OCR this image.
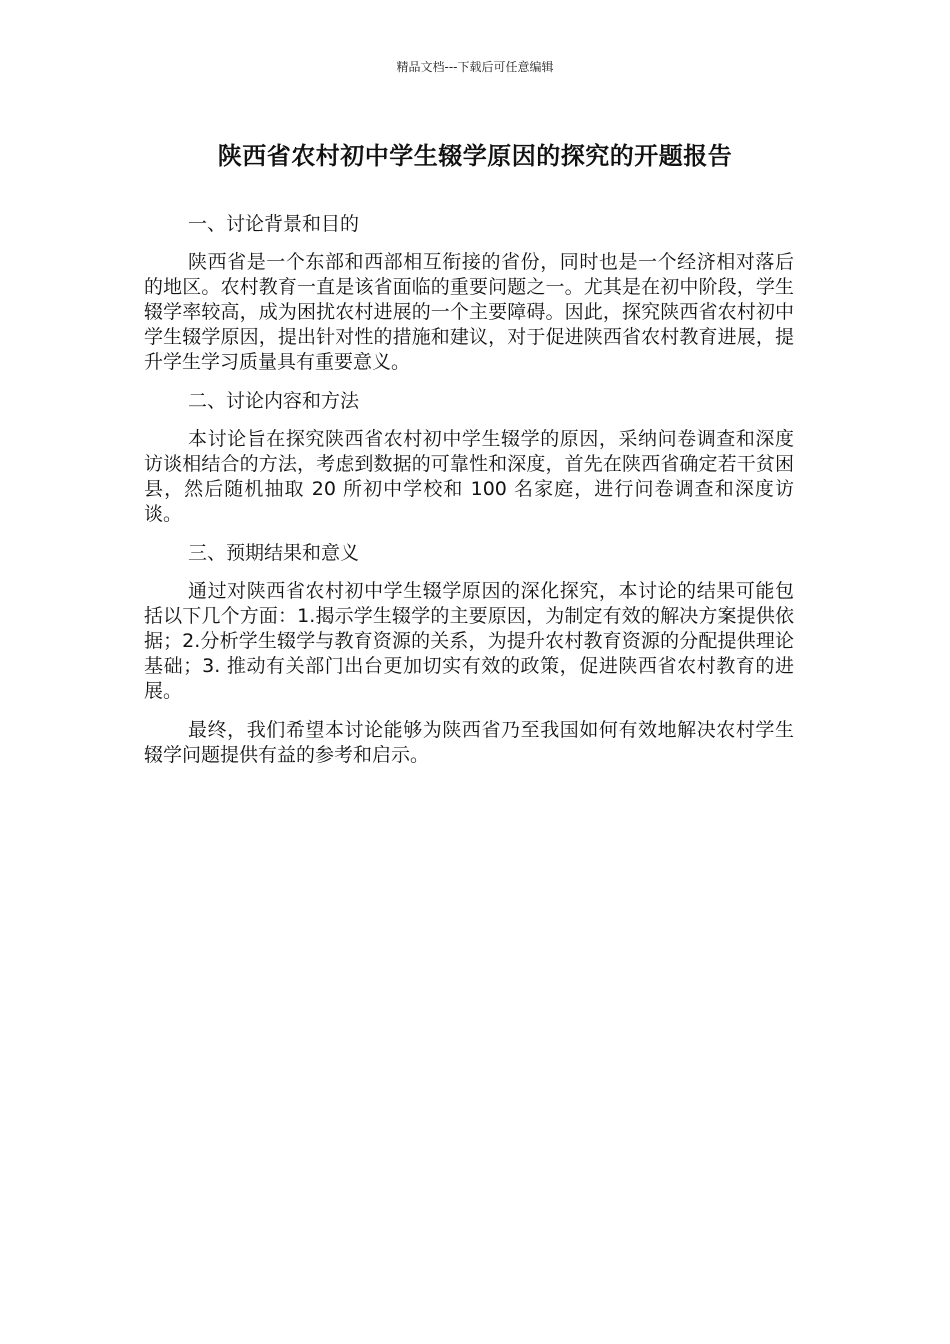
精品文档---下载后可任意编辑
陕西省农村初中学生辍学原因的探究的开题报告
一、讨论背景和目的

陕西省是一个东部和西部相互衔接的省份，同时也是一个经济相对落后的地区。农村教育一直是该省面临的重要问题之一。尤其是在初中阶段，学生辍学率较高，成为困扰农村进展的一个主要障碍。因此，探究陕西省农村初中学生辍学原因，提出针对性的措施和建议，对于促进陕西省农村教育进展，提升学生学习质量具有重要意义。

二、讨论内容和方法

本讨论旨在探究陕西省农村初中学生辍学的原因，采纳问卷调查和深度访谈相结合的方法，考虑到数据的可靠性和深度，首先在陕西省确定若干贫困县，然后随机抽取 20 所初中学校和 100 名家庭，进行问卷调查和深度访谈。

三、预期结果和意义

通过对陕西省农村初中学生辍学原因的深化探究，本讨论的结果可能包括以下几个方面：1.揭示学生辍学的主要原因，为制定有效的解决方案提供依据；2.分析学生辍学与教育资源的关系，为提升农村教育资源的分配提供理论基础；3. 推动有关部门出台更加切实有效的政策，促进陕西省农村教育的进展。

最终，我们希望本讨论能够为陕西省乃至我国如何有效地解决农村学生辍学问题提供有益的参考和启示。
